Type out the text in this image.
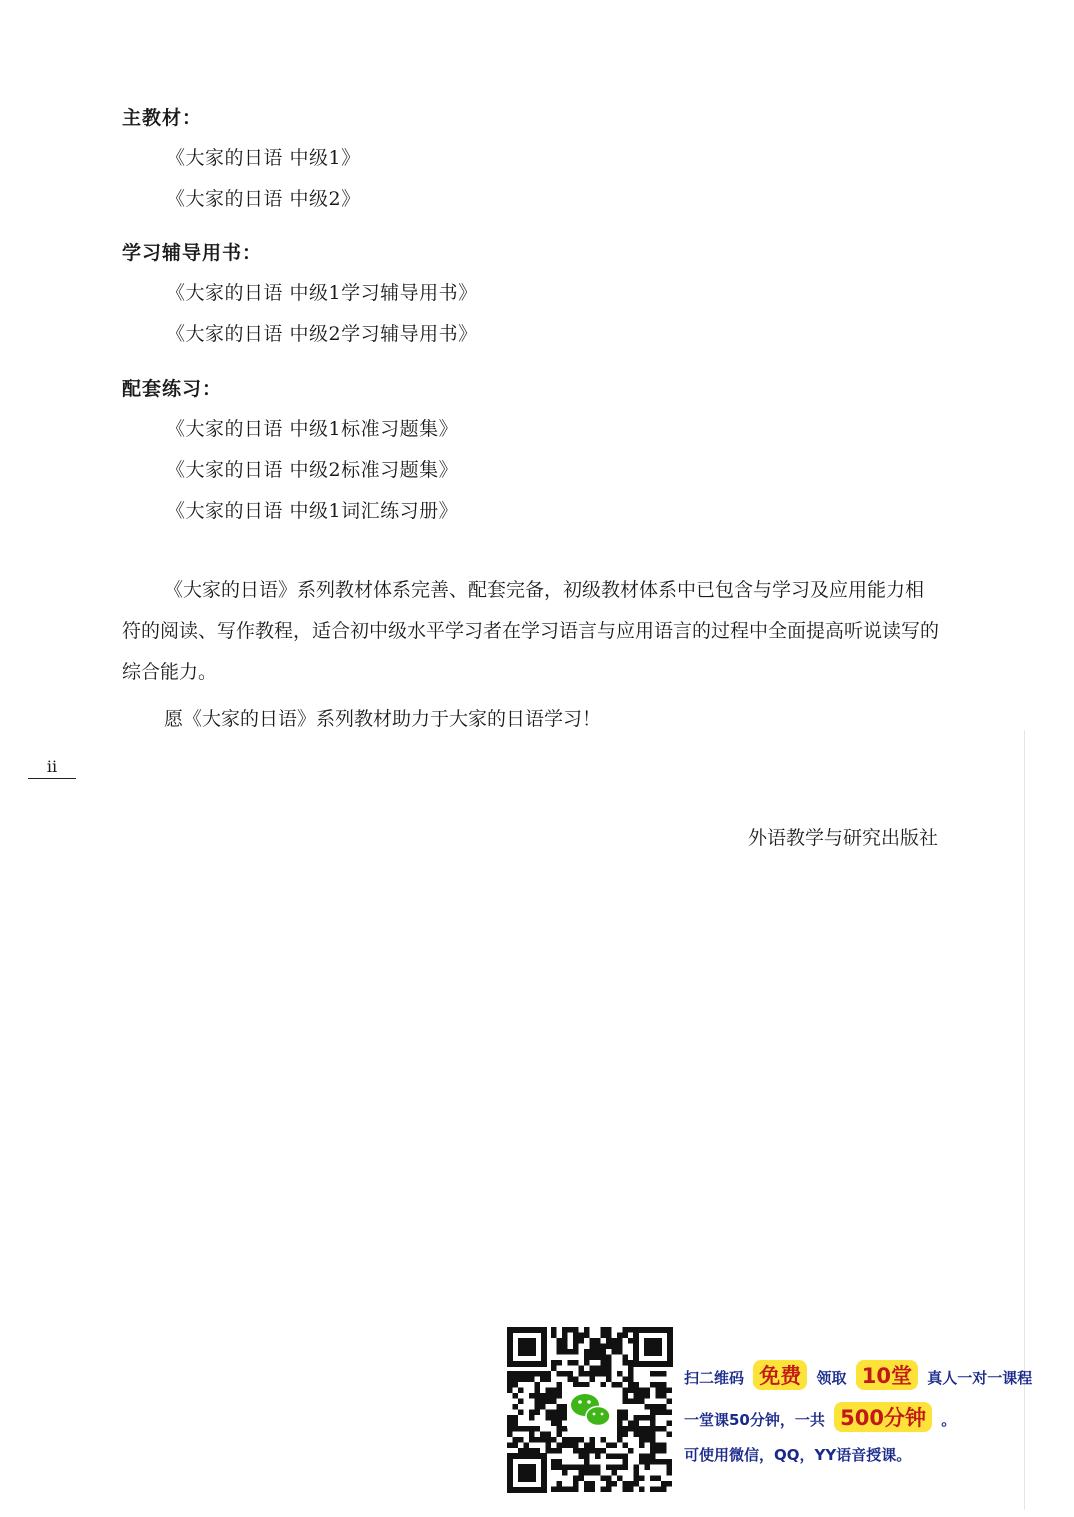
主教材：
《大家的日语 中级1》
《大家的日语 中级2》
学习辅导用书：
《大家的日语 中级1学习辅导用书》
《大家的日语 中级2学习辅导用书》
配套练习：
《大家的日语 中级1标准习题集》
《大家的日语 中级2标准习题集》
《大家的日语 中级1词汇练习册》
《大家的日语》系列教材体系完善、配套完备，初级教材体系中已包含与学习及应用能力相符的阅读、写作教程，适合初中级水平学习者在学习语言与应用语言的过程中全面提高听说读写的综合能力。
愿《大家的日语》系列教材助力于大家的日语学习！
ii
外语教学与研究出版社
扫二维码 免费 领取 10堂 真人一对一课程
一堂课50分钟，一共 500分钟 。
可使用微信，QQ，YY语音授课。
